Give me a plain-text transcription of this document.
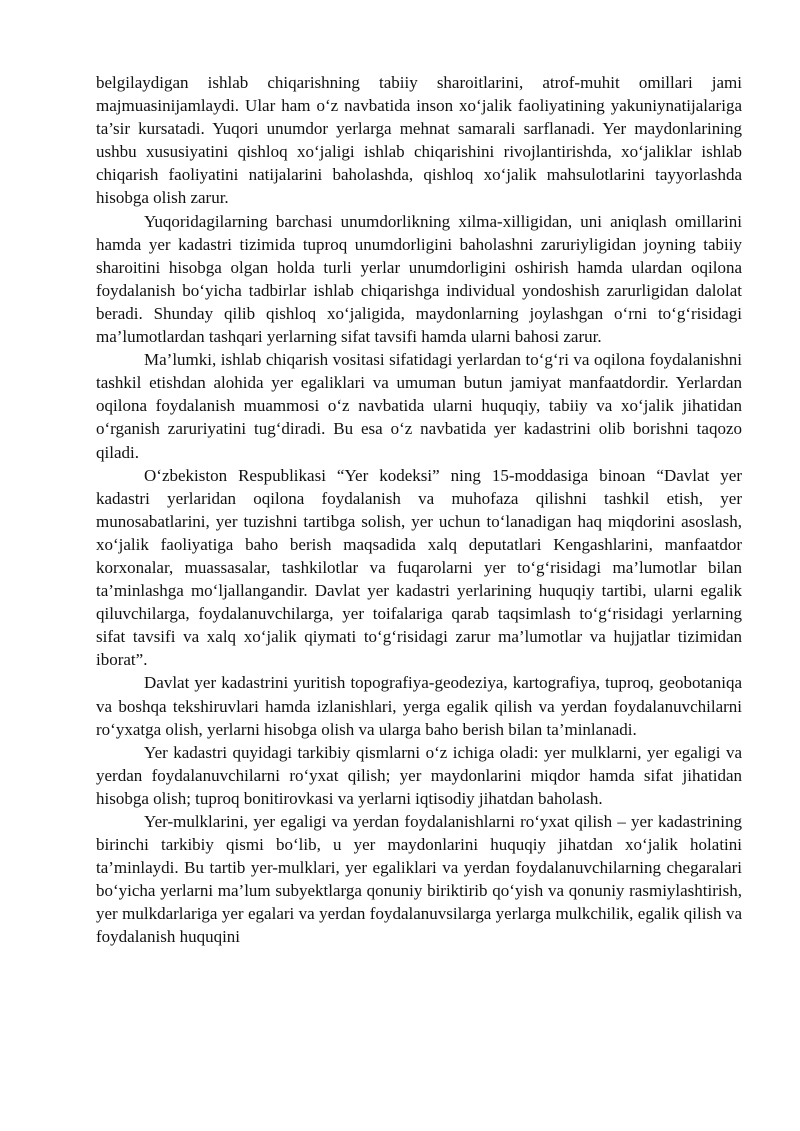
belgilaydigan ishlab chiqarishning tabiiy sharoitlarini, atrof-muhit omillari jami majmuasinijamlaydi. Ular ham o‘z navbatida inson xo‘jalik faoliyatining yakuniynatijalariga ta’sir kursatadi. Yuqori unumdor yerlarga mehnat samarali sarflanadi. Yer maydonlarining ushbu xususiyatini qishloq xo‘jaligi ishlab chiqarishini rivojlantirishda, xo‘jaliklar ishlab chiqarish faoliyatini natijalarini baholashda, qishloq xo‘jalik mahsulotlarini tayyorlashda hisobga olish zarur.

Yuqoridagilarning barchasi unumdorlikning xilma-xilligidan, uni aniqlash omillarini hamda yer kadastri tizimida tuproq unumdorligini baholashni zaruriyligidan joyning tabiiy sharoitini hisobga olgan holda turli yerlar unumdorligini oshirish hamda ulardan oqilona foydalanish bo‘yicha tadbirlar ishlab chiqarishga individual yondoshish zarurligidan dalolat beradi. Shunday qilib qishloq xo‘jaligida, maydonlarning joylashgan o‘rni to‘g‘risidagi ma’lumotlardan tashqari yerlarning sifat tavsifi hamda ularni bahosi zarur.

Ma’lumki, ishlab chiqarish vositasi sifatidagi yerlardan to‘g‘ri va oqilona foydalanishni tashkil etishdan alohida yer egaliklari va umuman butun jamiyat manfaatdordir. Yerlardan oqilona foydalanish muammosi o‘z navbatida ularni huquqiy, tabiiy va xo‘jalik jihatidan o‘rganish zaruriyatini tug‘diradi. Bu esa o‘z navbatida yer kadastrini olib borishni taqozo qiladi.

O‘zbekiston Respublikasi “Yer kodeksi” ning 15-moddasiga binoan “Davlat yer kadastri yerlaridan oqilona foydalanish va muhofaza qilishni tashkil etish, yer munosabatlarini, yer tuzishni tartibga solish, yer uchun to‘lanadigan haq miqdorini asoslash, xo‘jalik faoliyatiga baho berish maqsadida xalq deputatlari Kengashlarini, manfaatdor korxonalar, muassasalar, tashkilotlar va fuqarolarni yer to‘g‘risidagi ma’lumotlar bilan ta’minlashga mo‘ljallangandir. Davlat yer kadastri yerlarining huquqiy tartibi, ularni egalik qiluvchilarga, foydalanuvchilarga, yer toifalariga qarab taqsimlash to‘g‘risidagi yerlarning sifat tavsifi va xalq xo‘jalik qiymati to‘g‘risidagi zarur ma’lumotlar va hujjatlar tizimidan iborat”.

Davlat yer kadastrini yuritish topografiya-geodeziya, kartografiya, tuproq, geobotaniqa va boshqa tekshiruvlari hamda izlanishlari, yerga egalik qilish va yerdan foydalanuvchilarni ro‘yxatga olish, yerlarni hisobga olish va ularga baho berish bilan ta’minlanadi.

Yer kadastri quyidagi tarkibiy qismlarni o‘z ichiga oladi: yer mulklarni, yer egaligi va yerdan foydalanuvchilarni ro‘yxat qilish; yer maydonlarini miqdor hamda sifat jihatidan hisobga olish; tuproq bonitirovkasi va yerlarni iqtisodiy jihatdan baholash.

Yer-mulklarini, yer egaligi va yerdan foydalanishlarni ro‘yxat qilish – yer kadastrining birinchi tarkibiy qismi bo‘lib, u yer maydonlarini huquqiy jihatdan xo‘jalik holatini ta’minlaydi. Bu tartib yer-mulklari, yer egaliklari va yerdan foydalanuvchilarning chegaralari bo‘yicha yerlarni ma’lum subyektlarga qonuniy biriktirib qo‘yish va qonuniy rasmiylashtirish, yer mulkdarlariga yer egalari va yerdan foydalanuvsilarga yerlarga mulkchilik, egalik qilish va foydalanish huquqini
